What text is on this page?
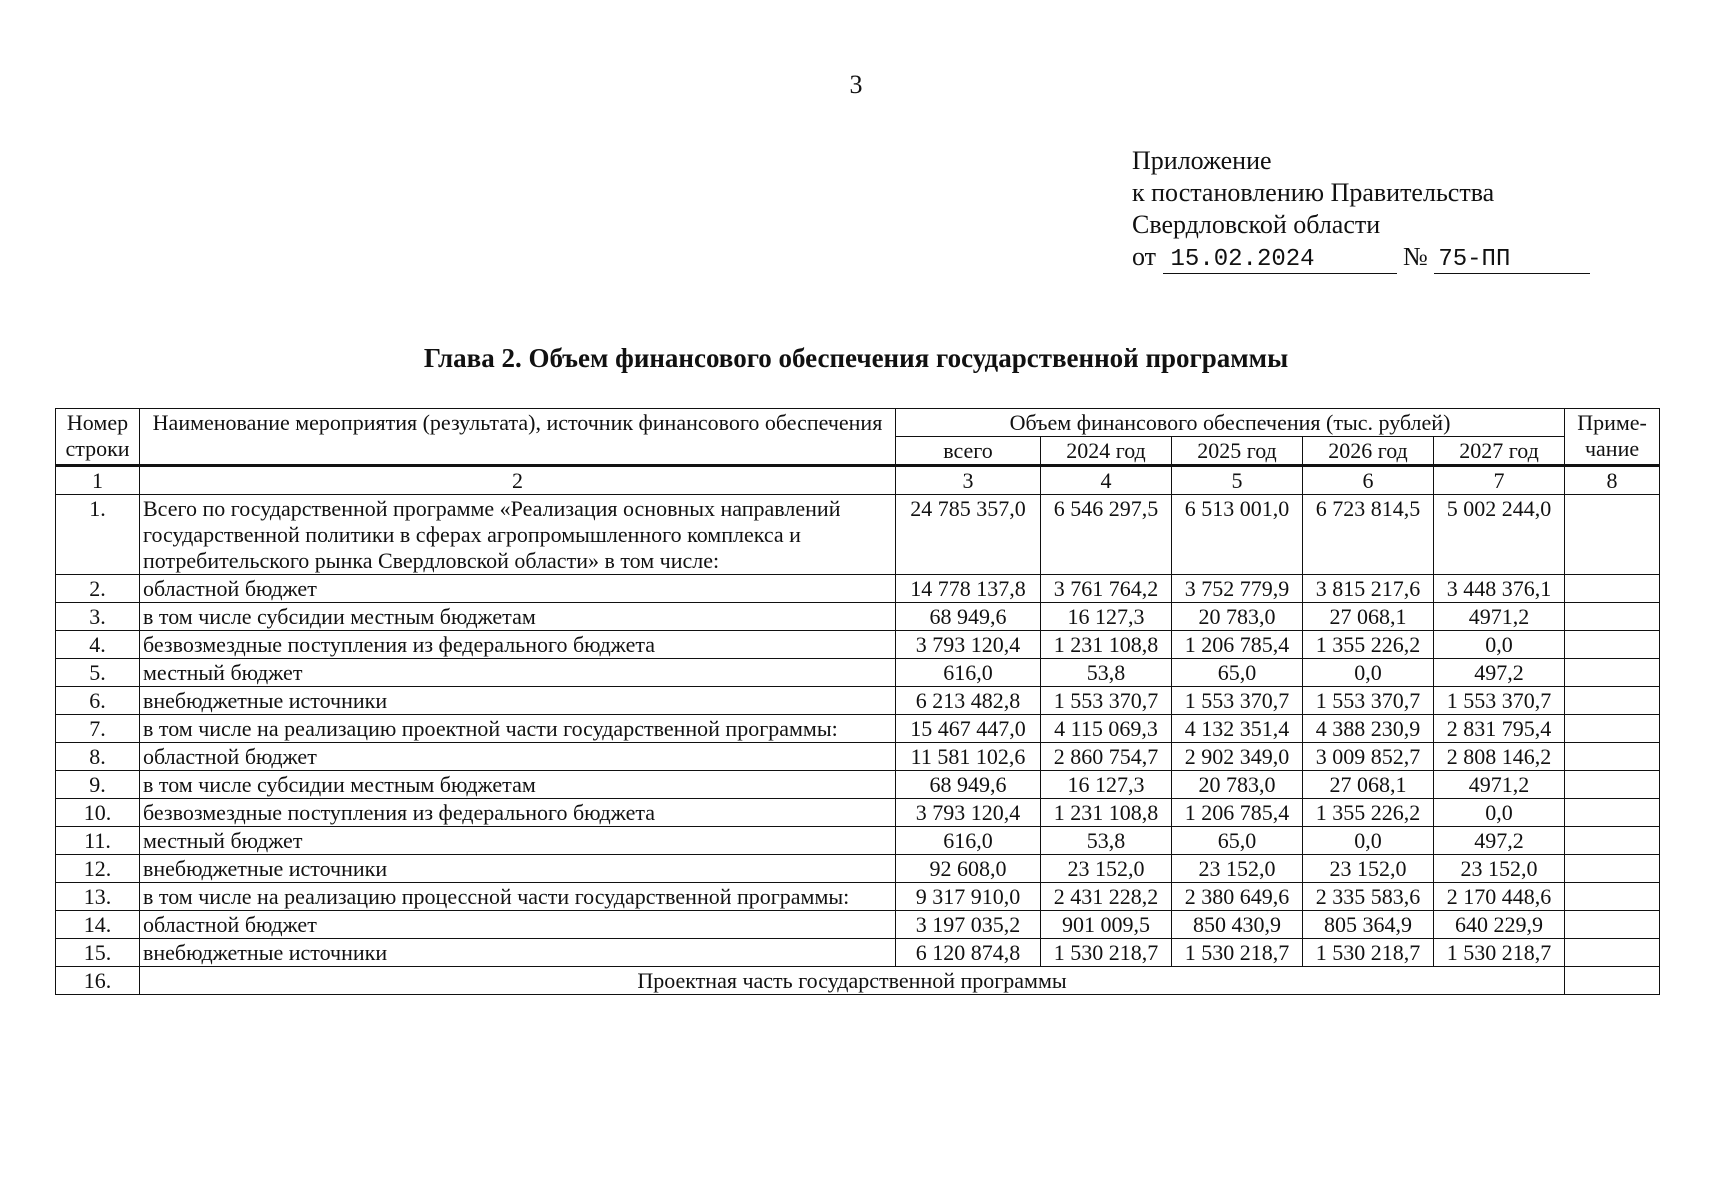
3
Приложение
к постановлению Правительства
Свердловской области
от 15.02.2024	№ 75-ПП
Глава 2. Объем финансового обеспечения государственной программы
Номер строки	Наименование мероприятия (результата), источник финансового обеспечения	Объем финансового обеспечения (тыс. рублей)					Приме-чание
		всего	2024 год	2025 год	2026 год	2027 год	
1	2	3	4	5	6	7	8
1.	Всего по государственной программе «Реализация основных направлений государственной политики в сферах агропромышленного комплекса и потребительского рынка Свердловской области» в том числе:	24 785 357,0	6 546 297,5	6 513 001,0	6 723 814,5	5 002 244,0	
2.	областной бюджет	14 778 137,8	3 761 764,2	3 752 779,9	3 815 217,6	3 448 376,1	
3.	в том числе субсидии местным бюджетам	68 949,6	16 127,3	20 783,0	27 068,1	4971,2	
4.	безвозмездные поступления из федерального бюджета	3 793 120,4	1 231 108,8	1 206 785,4	1 355 226,2	0,0	
5.	местный бюджет	616,0	53,8	65,0	0,0	497,2	
6.	внебюджетные источники	6 213 482,8	1 553 370,7	1 553 370,7	1 553 370,7	1 553 370,7	
7.	в том числе на реализацию проектной части государственной программы:	15 467 447,0	4 115 069,3	4 132 351,4	4 388 230,9	2 831 795,4	
8.	областной бюджет	11 581 102,6	2 860 754,7	2 902 349,0	3 009 852,7	2 808 146,2	
9.	в том числе субсидии местным бюджетам	68 949,6	16 127,3	20 783,0	27 068,1	4971,2	
10.	безвозмездные поступления из федерального бюджета	3 793 120,4	1 231 108,8	1 206 785,4	1 355 226,2	0,0	
11.	местный бюджет	616,0	53,8	65,0	0,0	497,2	
12.	внебюджетные источники	92 608,0	23 152,0	23 152,0	23 152,0	23 152,0	
13.	в том числе на реализацию процессной части государственной программы:	9 317 910,0	2 431 228,2	2 380 649,6	2 335 583,6	2 170 448,6	
14.	областной бюджет	3 197 035,2	901 009,5	850 430,9	805 364,9	640 229,9	
15.	внебюджетные источники	6 120 874,8	1 530 218,7	1 530 218,7	1 530 218,7	1 530 218,7	
16.	Проектная часть государственной программы						
